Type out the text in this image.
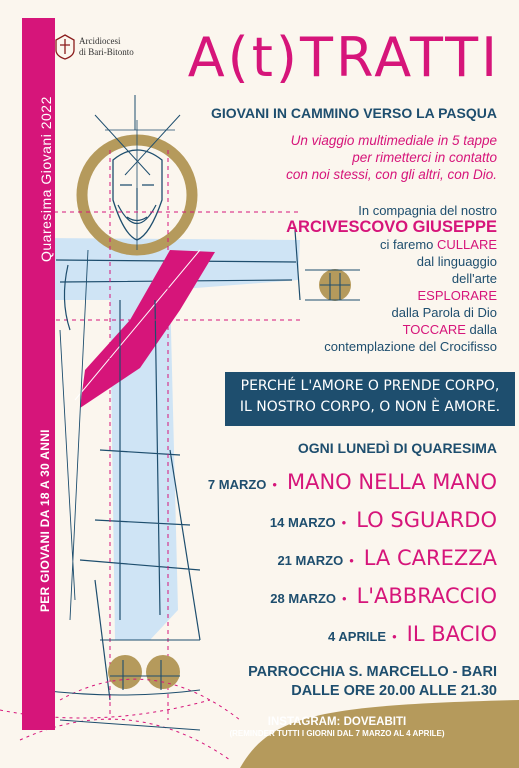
Quaresima Giovani 2022
PER GIOVANI DA 18 A 30 ANNI
Arcidiocesi
di Bari-Bitonto A(t)TRATTI
GIOVANI IN CAMMINO VERSO LA PASQUA
Un viaggio multimediale in 5 tappe
per rimetterci in contatto
con noi stessi, con gli altri, con Dio.
In compagnia del nostro
ARCIVESCOVO GIUSEPPE
ci faremo CULLARE
dal linguaggio
dell'arte
ESPLORARE
dalla Parola di Dio
TOCCARE dalla
contemplazione del Crocifisso
PERCHÉ L'AMORE O PRENDE CORPO,
IL NOSTRO CORPO, O NON È AMORE.
OGNI LUNEDÌ DI QUARESIMA
7 MARZO • MANO NELLA MANO
14 MARZO • LO SGUARDO
21 MARZO • LA CAREZZA
28 MARZO • L'ABBRACCIO
4 APRILE • IL BACIO
PARROCCHIA S. MARCELLO - BARI
DALLE ORE 20.00 ALLE 21.30
INSTAGRAM: DOVEABITI
(REMINDER TUTTI I GIORNI DAL 7 MARZO AL 4 APRILE)
